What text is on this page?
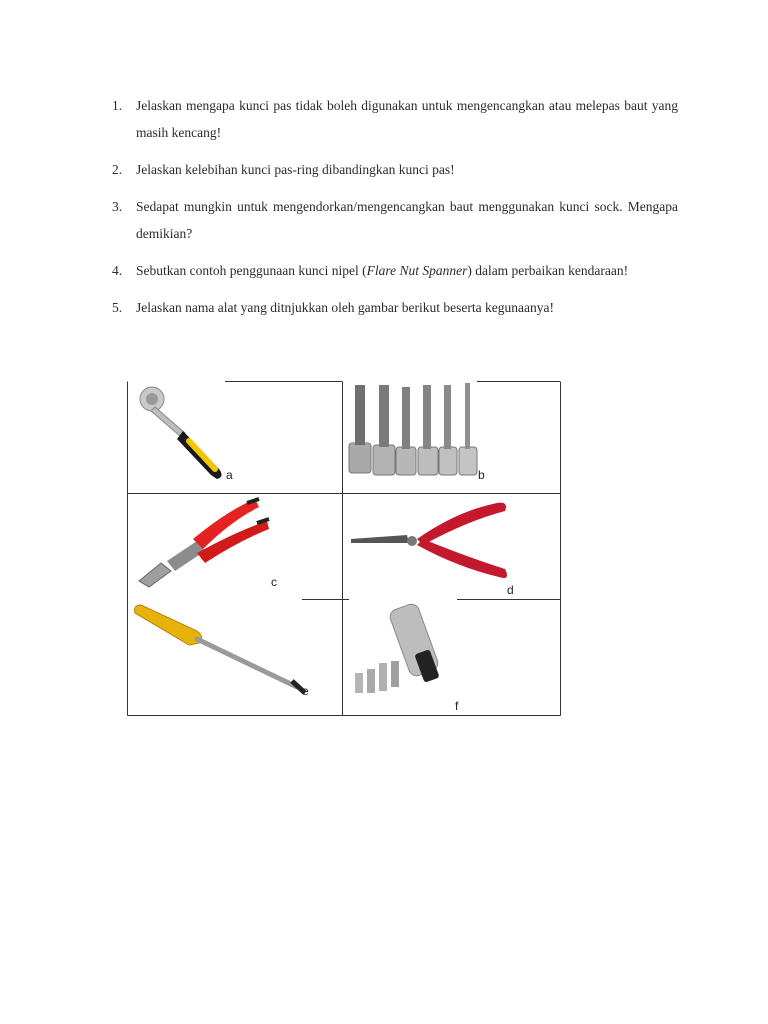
1.	Jelaskan mengapa kunci pas tidak boleh digunakan untuk mengencangkan atau melepas baut yang masih kencang!
2.	Jelaskan kelebihan kunci pas-ring dibandingkan kunci pas!
3.	Sedapat mungkin untuk mengendorkan/mengencangkan baut menggunakan kunci sock. Mengapa demikian?
4.	Sebutkan contoh penggunaan kunci nipel (Flare Nut Spanner) dalam perbaikan kendaraan!
5.	Jelaskan nama alat yang ditnjukkan oleh gambar berikut beserta kegunaanya!
a	b
c
d
e
f
